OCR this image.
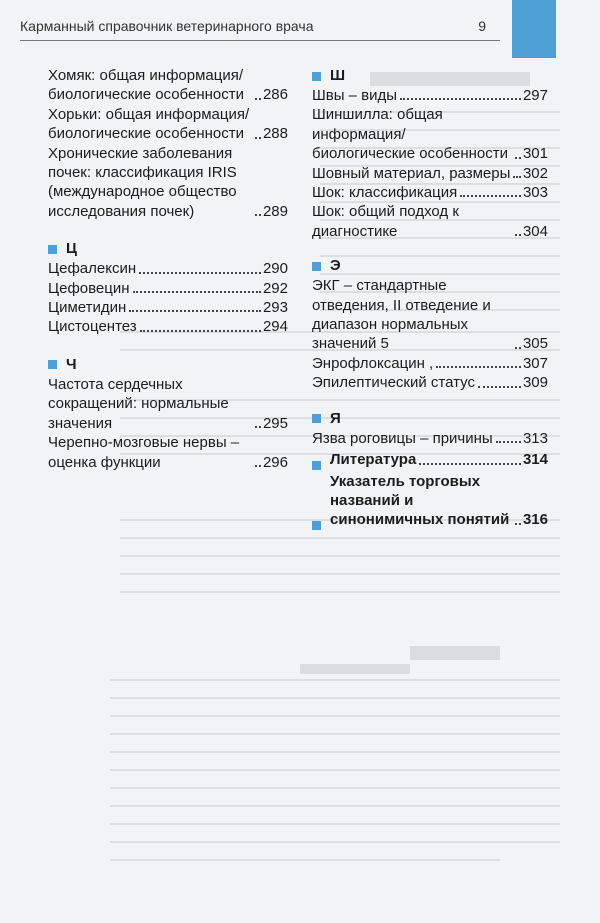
Карманный справочник ветеринарного врача	9

Хомяк: общая информация/ биологические особенности	286

Хорьки: общая информация/ биологические особенности	288

Хронические заболевания почек: классификация IRIS (международное общество исследования почек)	289

Ц

Цефалексин	290

Цефовецин	292

Циметидин	293

Цистоцентез	294

Ч

Частота сердечных сокращений: нормальные значения	295

Черепно-мозговые нервы – оценка функции	296

Ш

Швы – виды	297

Шиншилла: общая информация/ биологические особенности 301

Шовный материал, размеры 302

Шок: классификация	303

Шок: общий подход к диагностике	304

Э

ЭКГ – стандартные отведения, II отведение и диапазон нормальных значений 5	305

Энрофлоксацин ,	307

Эпилептический статус	309

Я

Язва роговицы – причины 313

Литература	314

Указатель торговых названий и синонимичных понятий 316
